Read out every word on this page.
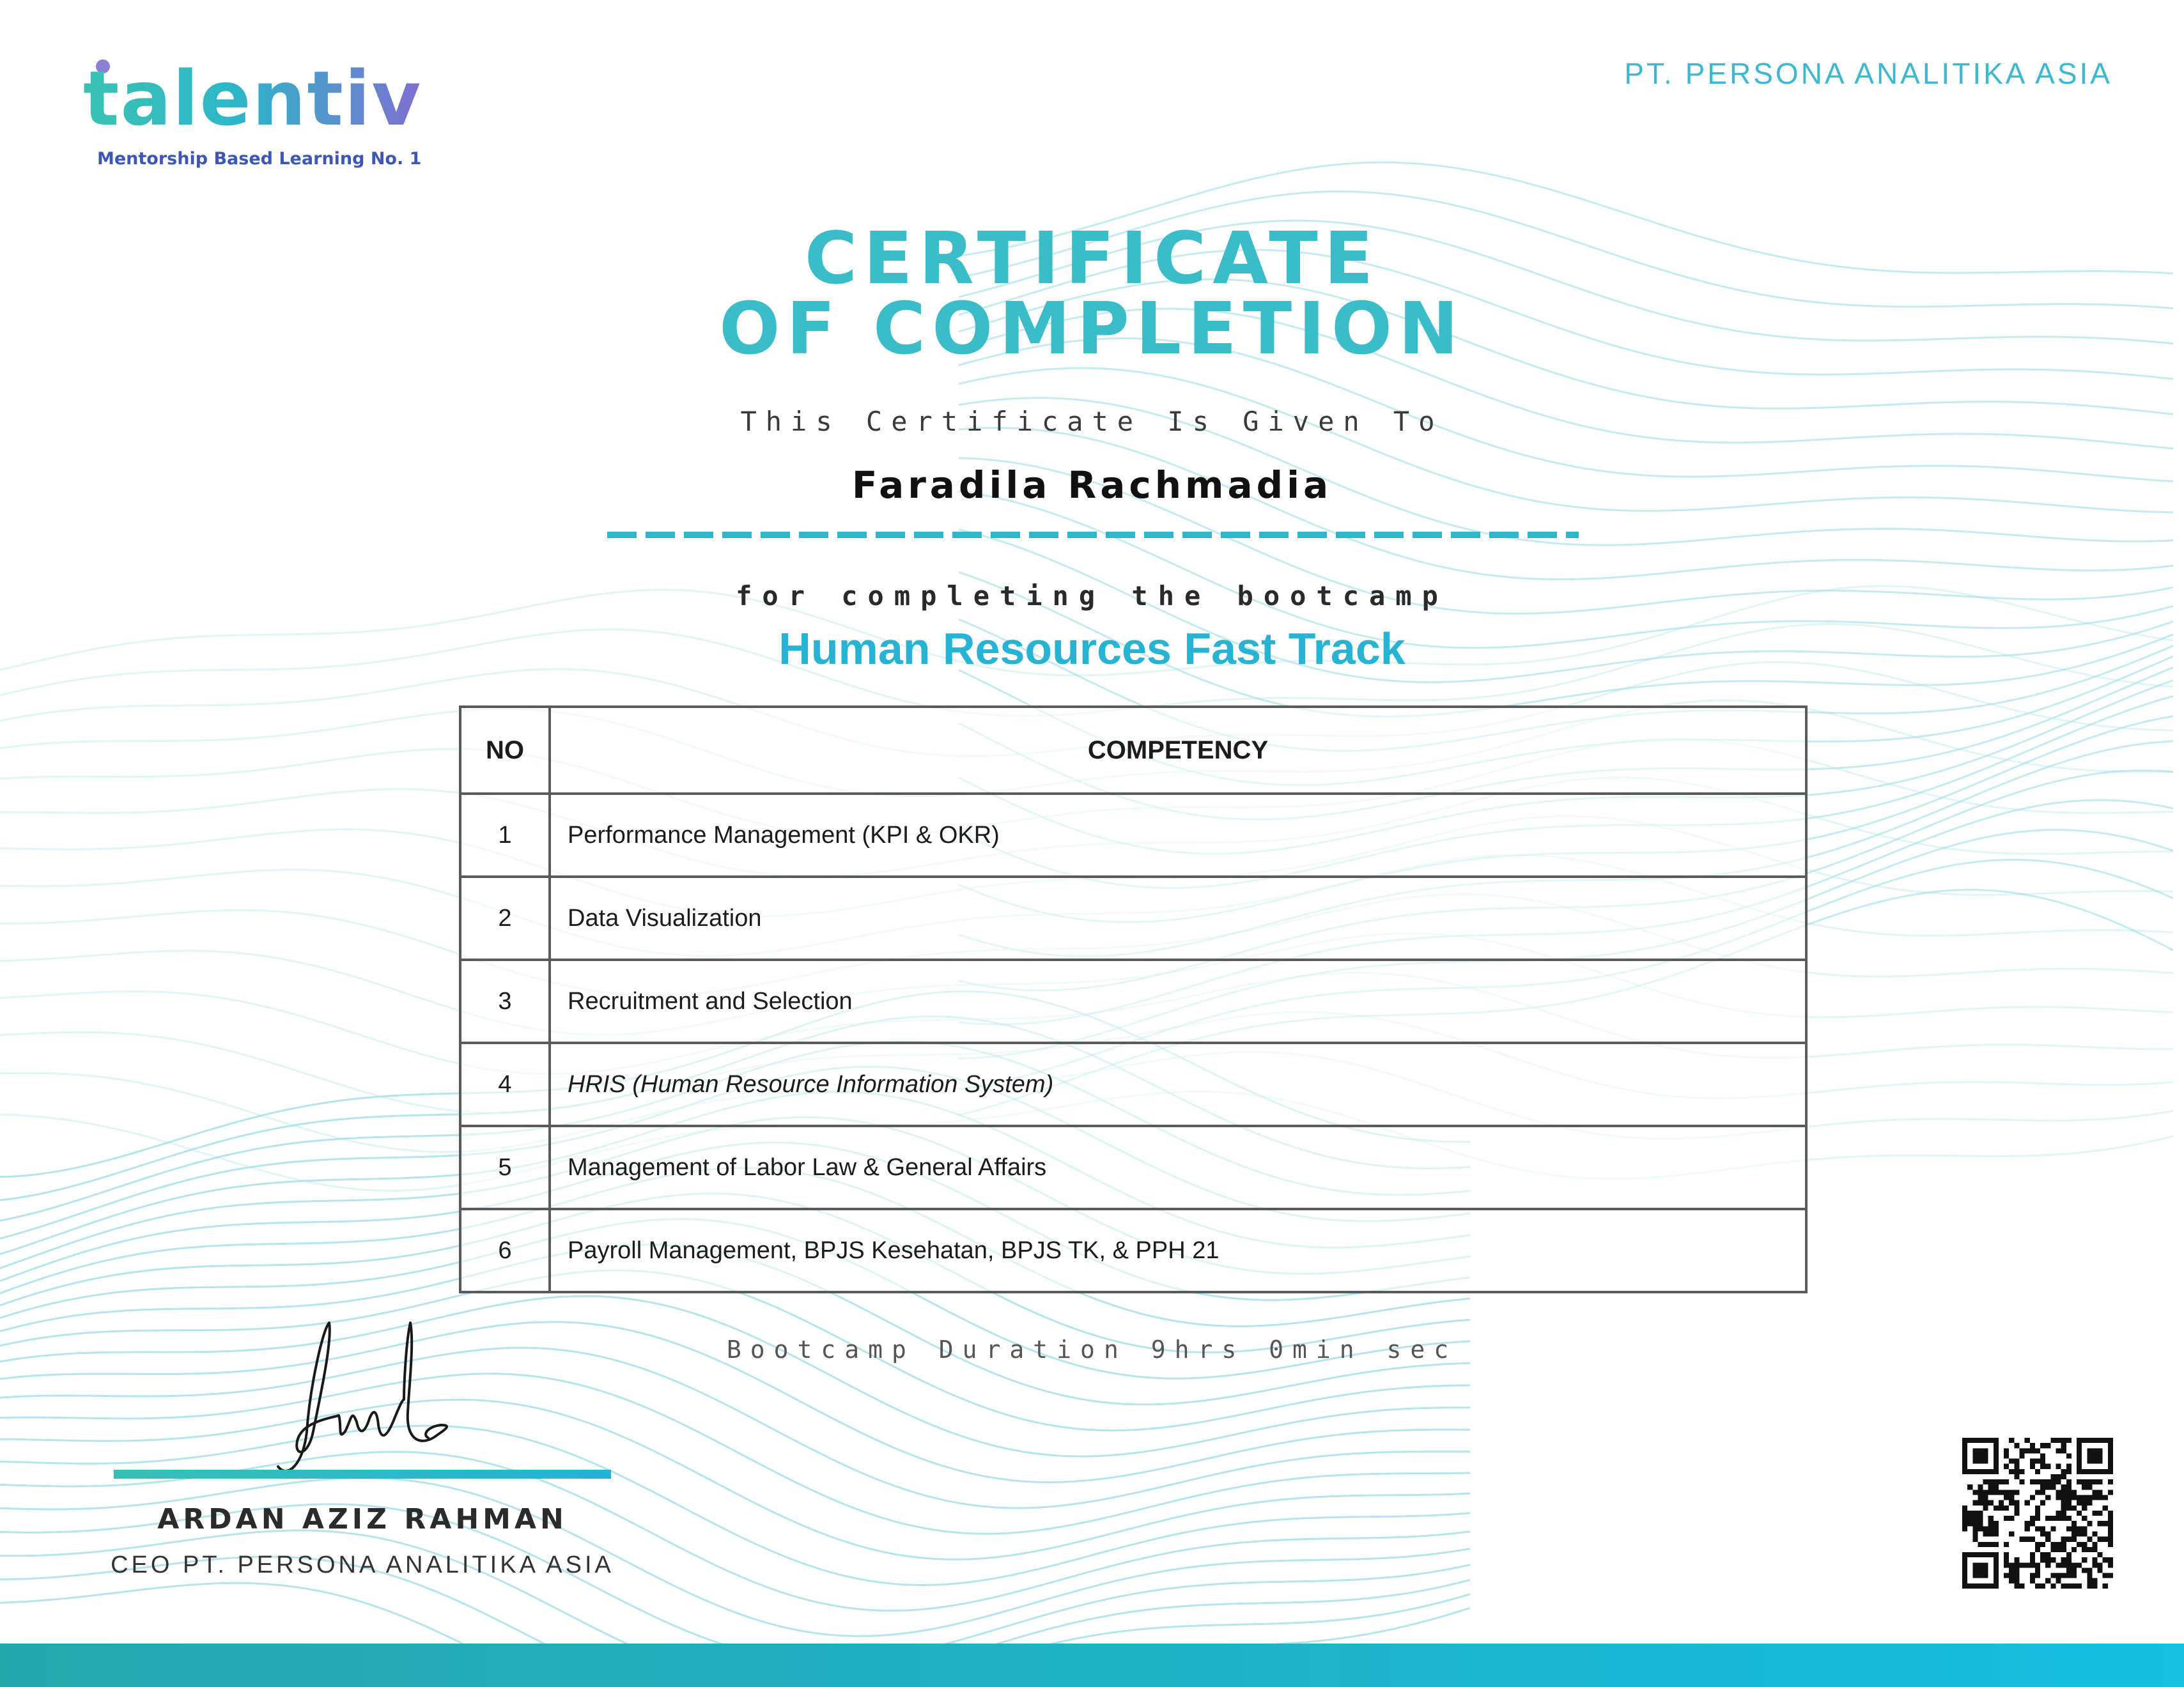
talentiv
Mentorship Based Learning No. 1
PT. PERSONA ANALITIKA ASIA
CERTIFICATE
OF COMPLETION
This Certificate Is Given To
Faradila Rachmadia
for completing the bootcamp
Human Resources Fast Track
NO	COMPETENCY
1	Performance Management (KPI & OKR)
2	Data Visualization
3	Recruitment and Selection
4	HRIS (Human Resource Information System)
5	Management of Labor Law & General Affairs
6	Payroll Management, BPJS Kesehatan, BPJS TK, & PPH 21
Bootcamp Duration 9hrs 0min sec
ARDAN AZIZ RAHMAN
CEO PT. PERSONA ANALITIKA ASIA
